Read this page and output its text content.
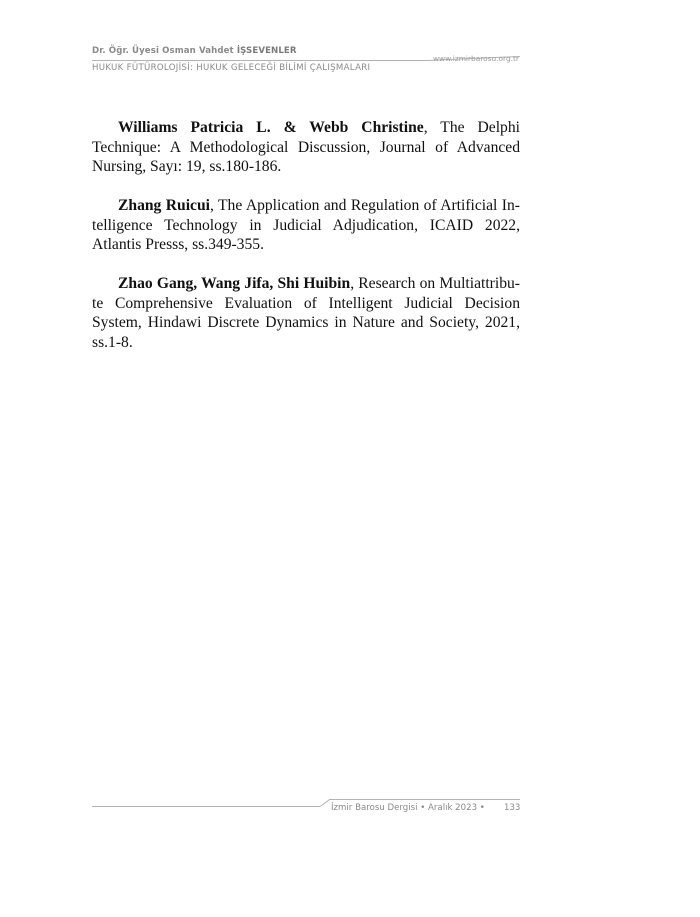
Dr. Öğr. Üyesi Osman Vahdet İŞSEVENLER
HUKUK FÜTÜROLOJİSİ: HUKUK GELECEĞİ BİLİMİ ÇALIŞMALARI
www.izmirbarosu.org.tr

Williams Patricia L. & Webb Christine, The Delphi Technique: A Methodological Discussion, Journal of Advanced Nursing, Sayı: 19, ss.180-186.

Zhang Ruicui, The Application and Regulation of Artificial Intelligence Technology in Judicial Adjudication, ICAID 2022, Atlantis Presss, ss.349-355.

Zhao Gang, Wang Jifa, Shi Huibin, Research on Multiattribute Comprehensive Evaluation of Intelligent Judicial Decision System, Hindawi Discrete Dynamics in Nature and Society, 2021, ss.1-8.

İzmir Barosu Dergisi • Aralık 2023 • 133
